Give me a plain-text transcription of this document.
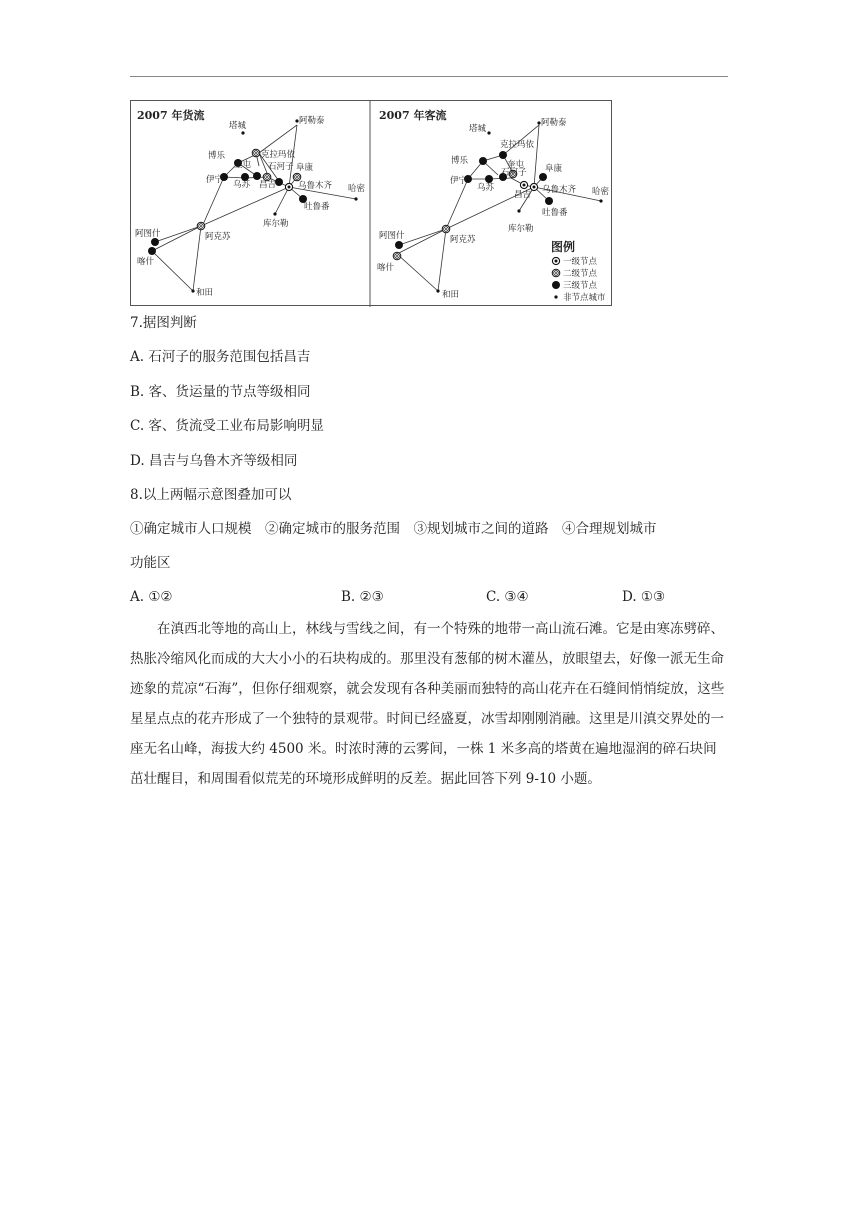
2007 年货流
塔城	阿勒泰
博乐	克拉玛依
奎屯 石河子 阜康
伊宁 乌苏 昌吉	乌鲁木齐 哈密
吐鲁番
库尔勒
阿图什	阿克苏
喀什
和田
2007 年客流
塔城
阿勒泰
博乐
克拉玛依
奎屯
石河子 阜康
伊宁
乌苏
昌吉 乌鲁木齐 哈密
吐鲁番
库尔勒
阿图什	阿克苏
喀什
和田
图例
一级节点
二级节点
三级节点
非节点城市
7.据图判断
A. 石河子的服务范围包括昌吉
B. 客、货运量的节点等级相同
C. 客、货流受工业布局影响明显
D. 昌吉与乌鲁木齐等级相同
8.以上两幅示意图叠加可以
①确定城市人口规模　②确定城市的服务范围　③规划城市之间的道路　④合理规划城市
功能区
A. ①②	B. ②③	C. ③④	D. ①③
在滇西北等地的高山上，林线与雪线之间，有一个特殊的地带一高山流石滩。它是由寒冻劈碎、热胀冷缩风化而成的大大小小的石块构成的。那里没有葱郁的树木灌丛，放眼望去，好像一派无生命迹象的荒凉“石海”，但你仔细观察，就会发现有各种美丽而独特的高山花卉在石缝间悄悄绽放，这些星星点点的花卉形成了一个独特的景观带。时间已经盛夏，冰雪却刚刚消融。这里是川滇交界处的一座无名山峰，海拔大约 4500 米。时浓时薄的云雾间，一株 1 米多高的塔黄在遍地湿润的碎石块间茁壮醒目，和周围看似荒芜的环境形成鲜明的反差。据此回答下列 9-10 小题。
